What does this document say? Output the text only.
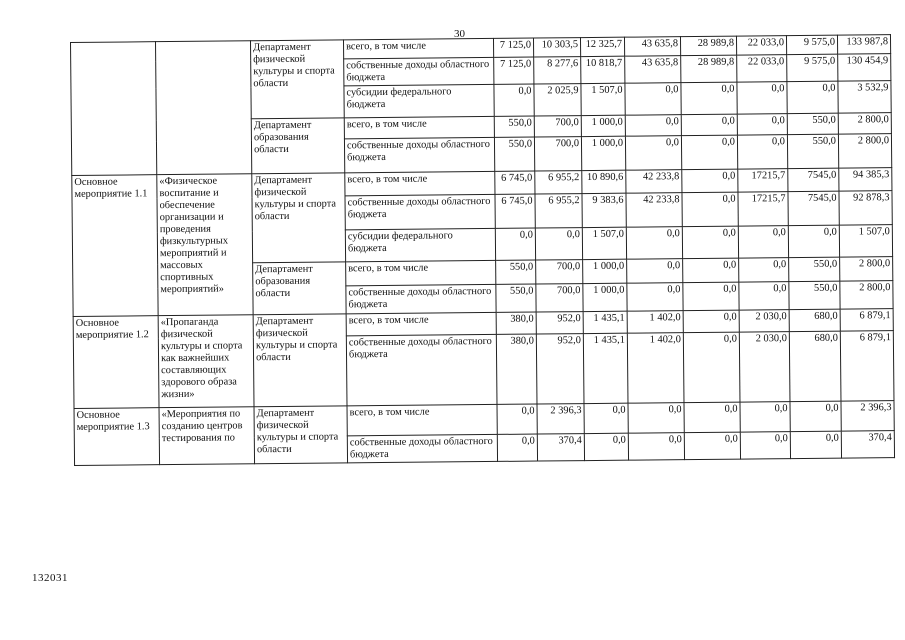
30
		Департамент физической культуры и спорта области	всего, в том числе	7 125,0	10 303,5	12 325,7	43 635,8	28 989,8	22 033,0	9 575,0	133 987,8
			собственные доходы областного бюджета	7 125,0	8 277,6	10 818,7	43 635,8	28 989,8	22 033,0	9 575,0	130 454,9
			субсидии федерального бюджета	0,0	2 025,9	1 507,0	0,0	0,0	0,0	0,0	3 532,9
		Департамент образования области	всего, в том числе	550,0	700,0	1 000,0	0,0	0,0	0,0	550,0	2 800,0
			собственные доходы областного бюджета	550,0	700,0	1 000,0	0,0	0,0	0,0	550,0	2 800,0
Основное мероприятие 1.1	«Физическое воспитание и обеспечение организации и проведения физкультурных мероприятий и массовых спортивных мероприятий»	Департамент физической культуры и спорта области	всего, в том числе	6 745,0	6 955,2	10 890,6	42 233,8	0,0	17215,7	7545,0	94 385,3
			собственные доходы областного бюджета	6 745,0	6 955,2	9 383,6	42 233,8	0,0	17215,7	7545,0	92 878,3
			субсидии федерального бюджета	0,0	0,0	1 507,0	0,0	0,0	0,0	0,0	1 507,0
		Департамент образования области	всего, в том числе	550,0	700,0	1 000,0	0,0	0,0	0,0	550,0	2 800,0
			собственные доходы областного бюджета	550,0	700,0	1 000,0	0,0	0,0	0,0	550,0	2 800,0
Основное мероприятие 1.2	«Пропаганда физической культуры и спорта как важнейших составляющих здорового образа жизни»	Департамент физической культуры и спорта области	всего, в том числе	380,0	952,0	1 435,1	1 402,0	0,0	2 030,0	680,0	6 879,1
			собственные доходы областного бюджета	380,0	952,0	1 435,1	1 402,0	0,0	2 030,0	680,0	6 879,1
Основное мероприятие 1.3	«Мероприятия по созданию центров тестирования по	Департамент физической культуры и спорта области	всего, в том числе	0,0	2 396,3	0,0	0,0	0,0	0,0	0,0	2 396,3
			собственные доходы областного бюджета	0,0	370,4	0,0	0,0	0,0	0,0	0,0	370,4
132031
